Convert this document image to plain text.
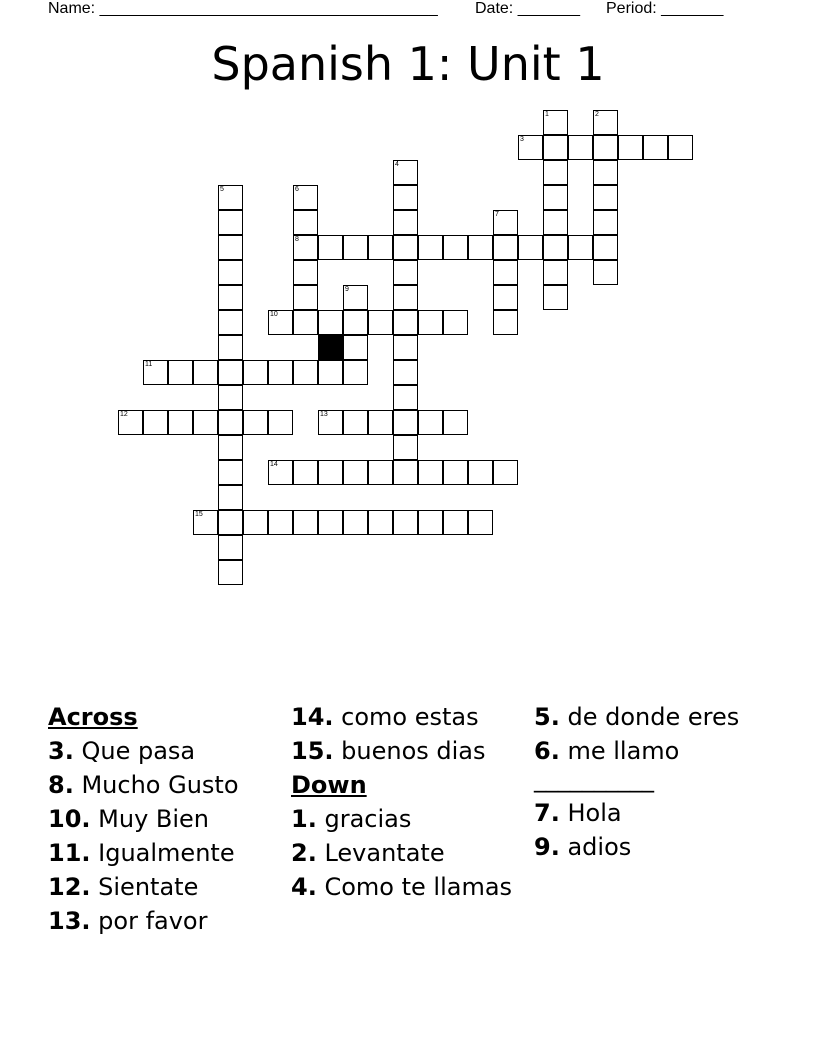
Name: ______________________________________ Date: _______ Period: _______
Spanish 1: Unit 1
1	2
3
4
5	6
8
7
9
10
11
12	13
14
15
Across
3. Que pasa
8. Mucho Gusto
10. Muy Bien
11. Igualmente
12. Sientate
13. por favor
14. como estas
15. buenos dias
Down
1. gracias
2. Levantate
4. Como te llamas
5. de donde eres
6. me llamo __________
7. Hola
9. adios
